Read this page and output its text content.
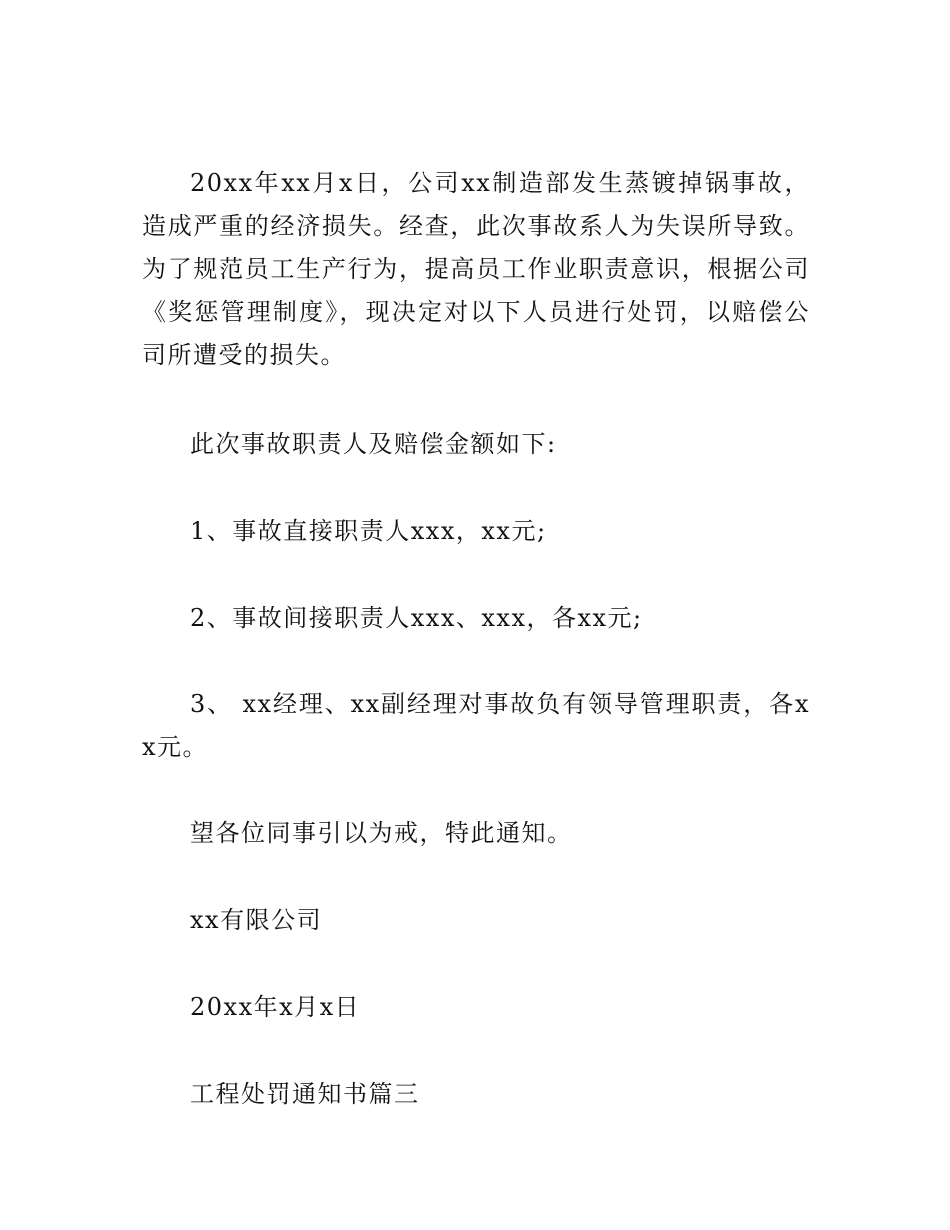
20xx年xx月x日，公司xx制造部发生蒸镀掉锅事故，造成严重的经济损失。经查，此次事故系人为失误所导致。为了规范员工生产行为，提高员工作业职责意识，根据公司《奖惩管理制度》，现决定对以下人员进行处罚，以赔偿公司所遭受的损失。

此次事故职责人及赔偿金额如下:

1、事故直接职责人xxx，xx元;

2、事故间接职责人xxx、xxx，各xx元;

3、 xx经理、xx副经理对事故负有领导管理职责，各xx元。

望各位同事引以为戒，特此通知。

xx有限公司

20xx年x月x日

工程处罚通知书篇三
